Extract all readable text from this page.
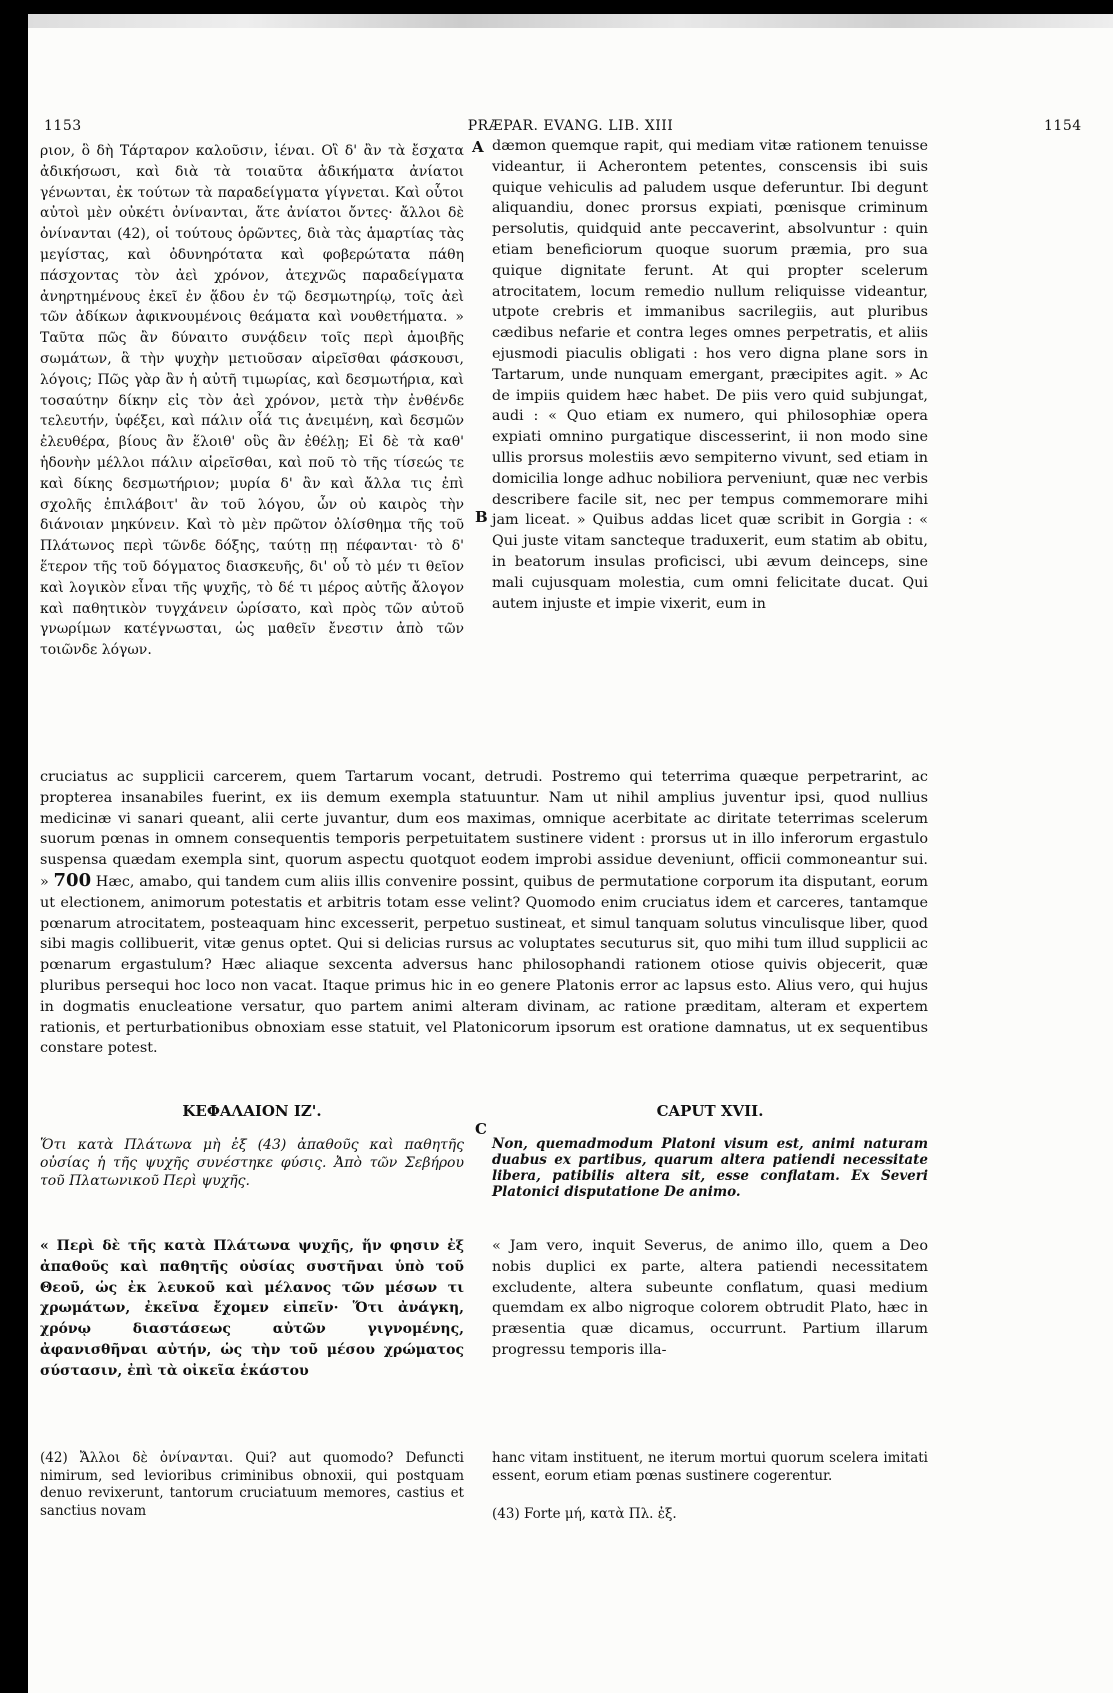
1153	PRÆPAR. EVANG. LIB. XIII	1154
A
B
C
ριον, ὃ δὴ Τάρταρον καλοῦσιν, ἰέναι. Οἳ δ' ἂν τὰ ἔσχατα ἀδικήσωσι, καὶ διὰ τὰ τοιαῦτα ἀδικήματα ἀνίατοι γένωνται, ἐκ τούτων τὰ παραδείγματα γίγνεται. Καὶ οὗτοι αὐτοὶ μὲν οὐκέτι ὀνίνανται, ἅτε ἀνίατοι ὄντες· ἄλλοι δὲ ὀνίνανται (42), οἱ τούτους ὁρῶντες, διὰ τὰς ἁμαρτίας τὰς μεγίστας, καὶ ὀδυνηρότατα καὶ φοβερώτατα πάθη πάσχοντας τὸν ἀεὶ χρόνον, ἀτεχνῶς παραδείγματα ἀνηρτημένους ἐκεῖ ἐν ᾅδου ἐν τῷ δεσμωτηρίῳ, τοῖς ἀεὶ τῶν ἀδίκων ἀφικνουμένοις θεάματα καὶ νουθετήματα. » Ταῦτα πῶς ἂν δύναιτο συνᾴδειν τοῖς περὶ ἀμοιβῆς σωμάτων, ἃ τὴν ψυχὴν μετιοῦσαν αἱρεῖσθαι φάσκουσι, λόγοις; Πῶς γὰρ ἂν ἡ αὐτῆ τιμωρίας, καὶ δεσμωτήρια, καὶ τοσαύτην δίκην εἰς τὸν ἀεὶ χρόνον, μετὰ τὴν ἐνθένδε τελευτήν, ὑφέξει, καὶ πάλιν οἷά τις ἀνειμένη, καὶ δεσμῶν ἐλευθέρα, βίους ἂν ἕλοιθ' οὓς ἂν ἐθέλῃ; Εἰ δὲ τὰ καθ' ἡδονὴν μέλλοι πάλιν αἱρεῖσθαι, καὶ ποῦ τὸ τῆς τίσεώς τε καὶ δίκης δεσμωτήριον; μυρία δ' ἂν καὶ ἄλλα τις ἐπὶ σχολῆς ἐπιλάβοιτ' ἂν τοῦ λόγου, ὧν οὐ καιρὸς τὴν διάνοιαν μηκύνειν. Καὶ τὸ μὲν πρῶτον ὀλίσθημα τῆς τοῦ Πλάτωνος περὶ τῶνδε δόξης, ταύτῃ πῃ πέφανται· τὸ δ' ἕτερον τῆς τοῦ δόγματος διασκευῆς, δι' οὗ τὸ μέν τι θεῖον καὶ λογικὸν εἶναι τῆς ψυχῆς, τὸ δέ τι μέρος αὐτῆς ἄλογον καὶ παθητικὸν τυγχάνειν ὡρίσατο, καὶ πρὸς τῶν αὐτοῦ γνωρίμων κατέγνωσται, ὡς μαθεῖν ἔνεστιν ἀπὸ τῶν τοιῶνδε λόγων.
dæmon quemque rapit, qui mediam vitæ rationem tenuisse videantur, ii Acherontem petentes, conscensis ibi suis quique vehiculis ad paludem usque deferuntur. Ibi degunt aliquandiu, donec prorsus expiati, pœnisque criminum persolutis, quidquid ante peccaverint, absolvuntur : quin etiam beneficiorum quoque suorum præmia, pro sua quique dignitate ferunt. At qui propter scelerum atrocitatem, locum remedio nullum reliquisse videantur, utpote crebris et immanibus sacrilegiis, aut pluribus cædibus nefarie et contra leges omnes perpetratis, et aliis ejusmodi piaculis obligati : hos vero digna plane sors in Tartarum, unde nunquam emergant, præcipites agit. » Ac de impiis quidem hæc habet. De piis vero quid subjungat, audi : « Quo etiam ex numero, qui philosophiæ opera expiati omnino purgatique discesserint, ii non modo sine ullis prorsus molestiis ævo sempiterno vivunt, sed etiam in domicilia longe adhuc nobiliora perveniunt, quæ nec verbis describere facile sit, nec per tempus commemorare mihi jam liceat. » Quibus addas licet quæ scribit in Gorgia : « Qui juste vitam sancteque traduxerit, eum statim ab obitu, in beatorum insulas proficisci, ubi ævum deinceps, sine mali cujusquam molestia, cum omni felicitate ducat. Qui autem injuste et impie vixerit, eum in
cruciatus ac supplicii carcerem, quem Tartarum vocant, detrudi. Postremo qui teterrima quæque perpetrarint, ac propterea insanabiles fuerint, ex iis demum exempla statuuntur. Nam ut nihil amplius juventur ipsi, quod nullius medicinæ vi sanari queant, alii certe juvantur, dum eos maximas, omnique acerbitate ac diritate teterrimas scelerum suorum pœnas in omnem consequentis temporis perpetuitatem sustinere vident : prorsus ut in illo inferorum ergastulo suspensa quædam exempla sint, quorum aspectu quotquot eodem improbi assidue deveniunt, officii commoneantur sui. » 700 Hæc, amabo, qui tandem cum aliis illis convenire possint, quibus de permutatione corporum ita disputant, eorum ut electionem, animorum potestatis et arbitris totam esse velint? Quomodo enim cruciatus idem et carceres, tantamque pœnarum atrocitatem, posteaquam hinc excesserit, perpetuo sustineat, et simul tanquam solutus vinculisque liber, quod sibi magis collibuerit, vitæ genus optet. Qui si delicias rursus ac voluptates secuturus sit, quo mihi tum illud supplicii ac pœnarum ergastulum? Hæc aliaque sexcenta adversus hanc philosophandi rationem otiose quivis objecerit, quæ pluribus persequi hoc loco non vacat. Itaque primus hic in eo genere Platonis error ac lapsus esto. Alius vero, qui hujus in dogmatis enucleatione versatur, quo partem animi alteram divinam, ac ratione præditam, alteram et expertem rationis, et perturbationibus obnoxiam esse statuit, vel Platonicorum ipsorum est oratione damnatus, ut ex sequentibus constare potest.
ΚΕΦΑΛΑΙΟΝ ΙΖ'.	CAPUT XVII.
Ὅτι κατὰ Πλάτωνα μὴ ἐξ (43) ἀπαθοῦς καὶ παθητῆς οὐσίας ἡ τῆς ψυχῆς συνέστηκε φύσις. Ἀπὸ τῶν Σεβήρου τοῦ Πλατωνικοῦ Περὶ ψυχῆς.
Non, quemadmodum Platoni visum est, animi naturam duabus ex partibus, quarum altera patiendi necessitate libera, patibilis altera sit, esse conflatam. Ex Severi Platonici disputatione De animo.
« Περὶ δὲ τῆς κατὰ Πλάτωνα ψυχῆς, ἥν φησιν ἐξ ἀπαθοῦς καὶ παθητῆς οὐσίας συστῆναι ὑπὸ τοῦ Θεοῦ, ὡς ἐκ λευκοῦ καὶ μέλανος τῶν μέσων τι χρωμάτων, ἐκεῖνα ἔχομεν εἰπεῖν· Ὅτι ἀνάγκη, χρόνῳ διαστάσεως αὐτῶν γιγνομένης, ἀφανισθῆναι αὐτήν, ὡς τὴν τοῦ μέσου χρώματος σύστασιν, ἐπὶ τὰ οἰκεῖα ἑκάστου
« Jam vero, inquit Severus, de animo illo, quem a Deo nobis duplici ex parte, altera patiendi necessitatem excludente, altera subeunte conflatum, quasi medium quemdam ex albo nigroque colorem obtrudit Plato, hæc in præsentia quæ dicamus, occurrunt. Partium illarum progressu temporis illa-
(42) Ἄλλοι δὲ ὀνίνανται. Qui? aut quomodo? Defuncti nimirum, sed levioribus criminibus obnoxii, qui postquam denuo revixerunt, tantorum cruciatuum memores, castius et sanctius novam
hanc vitam instituent, ne iterum mortui quorum scelera imitati essent, eorum etiam pœnas sustinere cogerentur.
(43) Forte μή, κατὰ Πλ. ἐξ.
